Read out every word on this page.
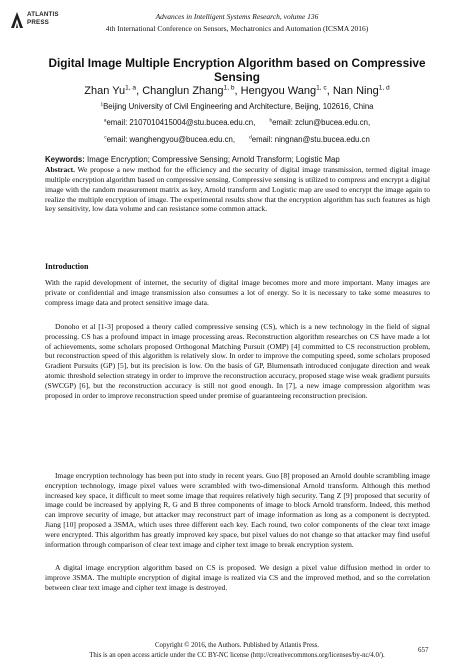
ATLANTIS
PRESS
Advances in Intelligent Systems Research, volume 136
4th International Conference on Sensors, Mechatronics and Automation (ICSMA 2016)
Digital Image Multiple Encryption Algorithm based on Compressive Sensing
Zhan Yu$^{1, a}$, Changlun Zhang$^{1, b}$, Hengyou Wang$^{1, c}$, Nan Ning$^{1, d}$
$^1$Beijing University of Civil Engineering and Architecture, Beijing, 102616, China
$^a$email: 2107010415004@stu.bucea.edu.cn,	$^b$email: zclun@bucea.edu.cn,
$^c$email: wanghengyou@bucea.edu.cn,	$^d$email: ningnan@stu.bucea.edu.cn
Keywords: Image Encryption; Compressive Sensing; Arnold Transform; Logistic Map

Abstract. We propose a new method for the efficiency and the security of digital image transmission, termed digital image multiple encryption algorithm based on compressive sensing. Compressive sensing is utilized to compress and encrypt a digital image with the random measurement matrix as key, Arnold transform and Logistic map are used to encrypt the image again to realize the multiple encryption of image. The experimental results show that the encryption algorithm has such features as high key sensitivity, low data volume and can resistance some common attack.

Introduction

With the rapid development of internet, the security of digital image becomes more and more important. Many images are private or confidential and image transmission also consumes a lot of energy. So it is necessary to take some measures to compress image data and protect sensitive image data.

Donoho et al [1-3] proposed a theory called compressive sensing (CS), which is a new technology in the field of signal processing. CS has a profound impact in image processing areas. Reconstruction algorithm researches on CS have made a lot of achievements, some scholars proposed Orthogonal Matching Pursuit (OMP) [4] committed to CS reconstruction problem, but reconstruction speed of this algorithm is relatively slow. In order to improve the computing speed, some scholars proposed Gradient Pursuits (GP) [5], but its precision is low. On the basis of GP, Blumensath introduced conjugate direction and weak atomic threshold selection strategy in order to improve the reconstruction accuracy, proposed stage wise weak gradient pursuits (SWCGP) [6], but the reconstruction accuracy is still not good enough. In [7], a new image compression algorithm was proposed in order to improve reconstruction speed under premise of guaranteeing reconstruction precision.

Image encryption technology has been put into study in recent years. Guo [8] proposed an Arnold double scrambling image encryption technology, image pixel values were scrambled with two-dimensional Arnold transform. Although this method increased key space, it difficult to meet some image that requires relatively high security. Tang Z [9] proposed that security of image could be increased by applying R, G and B three components of image to block Arnold transform. Indeed, this method can improve security of image, but attacker may reconstruct part of image information as long as a component is decrypted. Jiang [10] proposed a 3SMA, which uses three different each key. Each round, two color components of the clear text image were encrypted. This algorithm has greatly improved key space, but pixel values do not change so that attacker may find useful information through comparison of clear text image and cipher text image to break encryption system.

A digital image encryption algorithm based on CS is proposed. We design a pixel value diffusion method in order to improve 3SMA. The multiple encryption of digital image is realized via CS and the improved method, and so the correlation between clear text image and cipher text image is destroyed.

Copyright © 2016, the Authors. Published by Atlantis Press.
This is an open access article under the CC BY-NC license (http://creativecommons.org/licenses/by-nc/4.0/).
657
